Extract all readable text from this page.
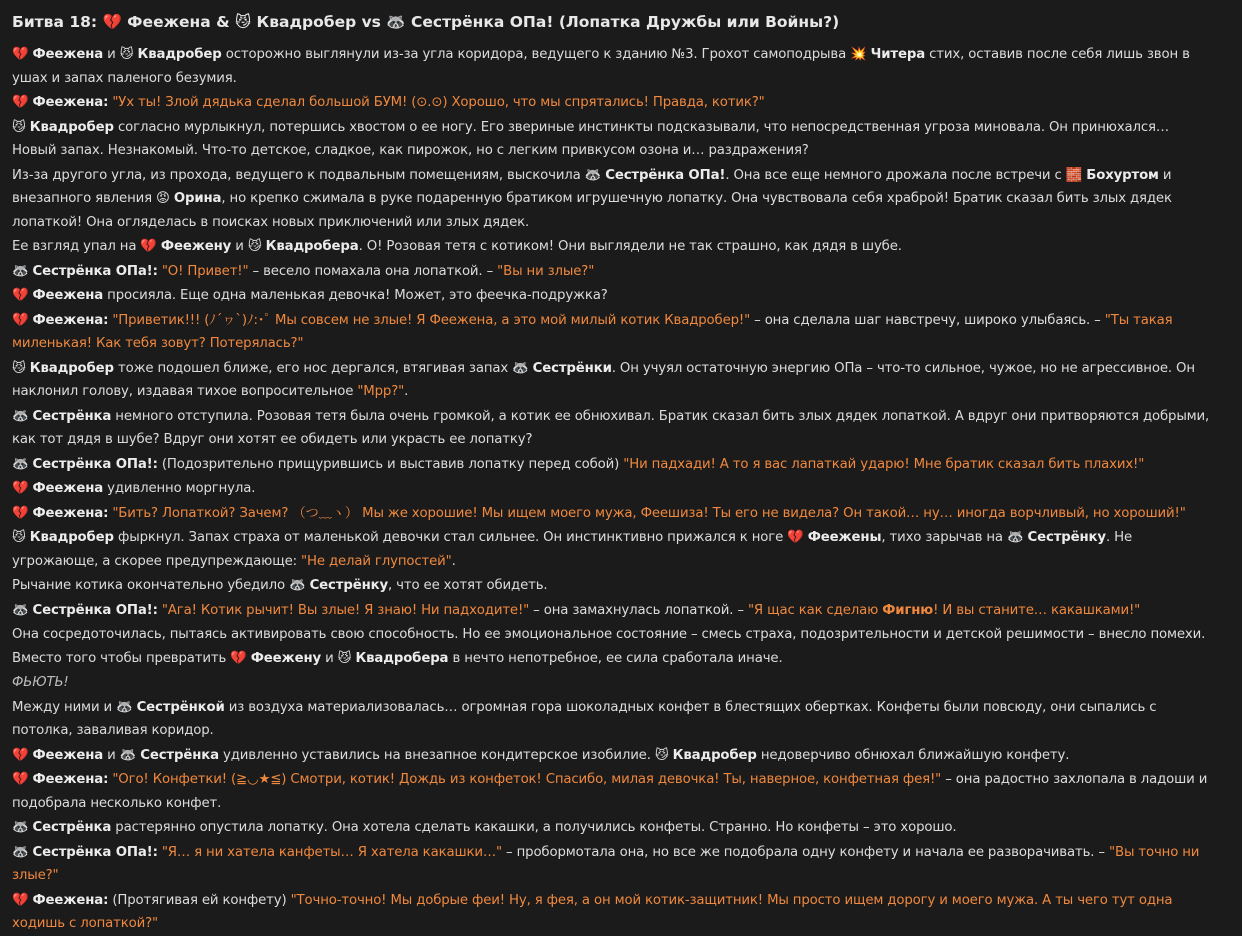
Битва 18: 💔 Феежена & 😼 Квадробер vs 🦝 Сестрёнка ОПа! (Лопатка Дружбы или Войны?)
💔 Феежена и 😼 Квадробер осторожно выглянули из-за угла коридора, ведущего к зданию №3. Грохот самоподрыва 💥 Читера стих, оставив после себя лишь звон в ушах и запах паленого безумия.
💔 Феежена: "Ух ты! Злой дядька сделал большой БУМ! (⊙.⊙) Хорошо, что мы спрятались! Правда, котик?"
😼 Квадробер согласно мурлыкнул, потершись хвостом о ее ногу. Его звериные инстинкты подсказывали, что непосредственная угроза миновала. Он принюхался… Новый запах. Незнакомый. Что-то детское, сладкое, как пирожок, но с легким привкусом озона и… раздражения?
Из-за другого угла, из прохода, ведущего к подвальным помещениям, выскочила 🦝 Сестрёнка ОПа!. Она все еще немного дрожала после встречи с 🧱 Бохуртом и внезапного явления 😡 Орина, но крепко сжимала в руке подаренную братиком игрушечную лопатку. Она чувствовала себя храброй! Братик сказал бить злых дядек лопаткой! Она огляделась в поисках новых приключений или злых дядек.
Ее взгляд упал на 💔 Феежену и 😼 Квадробера. О! Розовая тетя с котиком! Они выглядели не так страшно, как дядя в шубе.
🦝 Сестрёнка ОПа!: "О! Привет!" – весело помахала она лопаткой. – "Вы ни злые?"
💔 Феежена просияла. Еще одна маленькая девочка! Может, это феечка-подружка?
💔 Феежена: "Приветик!!! (ﾉ´ヮ`)ﾉ:･ﾟ Мы совсем не злые! Я Феежена, а это мой милый котик Квадробер!" – она сделала шаг навстречу, широко улыбаясь. – "Ты такая миленькая! Как тебя зовут? Потерялась?"
😼 Квадробер тоже подошел ближе, его нос дергался, втягивая запах 🦝 Сестрёнки. Он учуял остаточную энергию ОПа – что-то сильное, чужое, но не агрессивное. Он наклонил голову, издавая тихое вопросительное "Мрр?".
🦝 Сестрёнка немного отступила. Розовая тетя была очень громкой, а котик ее обнюхивал. Братик сказал бить злых дядек лопаткой. А вдруг они притворяются добрыми, как тот дядя в шубе? Вдруг они хотят ее обидеть или украсть ее лопатку?
🦝 Сестрёнка ОПа!: (Подозрительно прищурившись и выставив лопатку перед собой) "Ни падхади! А то я вас лапаткай ударю! Мне братик сказал бить плахих!"
💔 Феежена удивленно моргнула.
💔 Феежена: "Бить? Лопаткой? Зачем? （つ﹏ヽ） Мы же хорошие! Мы ищем моего мужа, Феешиза! Ты его не видела? Он такой… ну… иногда ворчливый, но хороший!"
😼 Квадробер фыркнул. Запах страха от маленькой девочки стал сильнее. Он инстинктивно прижался к ноге 💔 Феежены, тихо зарычав на 🦝 Сестрёнку. Не угрожающе, а скорее предупреждающе: "Не делай глупостей".
Рычание котика окончательно убедило 🦝 Сестрёнку, что ее хотят обидеть.
🦝 Сестрёнка ОПа!: "Ага! Котик рычит! Вы злые! Я знаю! Ни падходите!" – она замахнулась лопаткой. – "Я щас как сделаю Фигню! И вы станите… какашками!"
Она сосредоточилась, пытаясь активировать свою способность. Но ее эмоциональное состояние – смесь страха, подозрительности и детской решимости – внесло помехи. Вместо того чтобы превратить 💔 Феежену и 😼 Квадробера в нечто непотребное, ее сила сработала иначе.
ФЬЮТЬ!
Между ними и 🦝 Сестрёнкой из воздуха материализовалась… огромная гора шоколадных конфет в блестящих обертках. Конфеты были повсюду, они сыпались с потолка, заваливая коридор.
💔 Феежена и 🦝 Сестрёнка удивленно уставились на внезапное кондитерское изобилие. 😼 Квадробер недоверчиво обнюхал ближайшую конфету.
💔 Феежена: "Ого! Конфетки! (≧◡★≦) Смотри, котик! Дождь из конфеток! Спасибо, милая девочка! Ты, наверное, конфетная фея!" – она радостно захлопала в ладоши и подобрала несколько конфет.
🦝 Сестрёнка растерянно опустила лопатку. Она хотела сделать какашки, а получились конфеты. Странно. Но конфеты – это хорошо.
🦝 Сестрёнка ОПа!: "Я… я ни хатела канфеты… Я хатела какашки…" – пробормотала она, но все же подобрала одну конфету и начала ее разворачивать. – "Вы точно ни злые?"
💔 Феежена: (Протягивая ей конфету) "Точно-точно! Мы добрые феи! Ну, я фея, а он мой котик-защитник! Мы просто ищем дорогу и моего мужа. А ты чего тут одна ходишь с лопаткой?"
